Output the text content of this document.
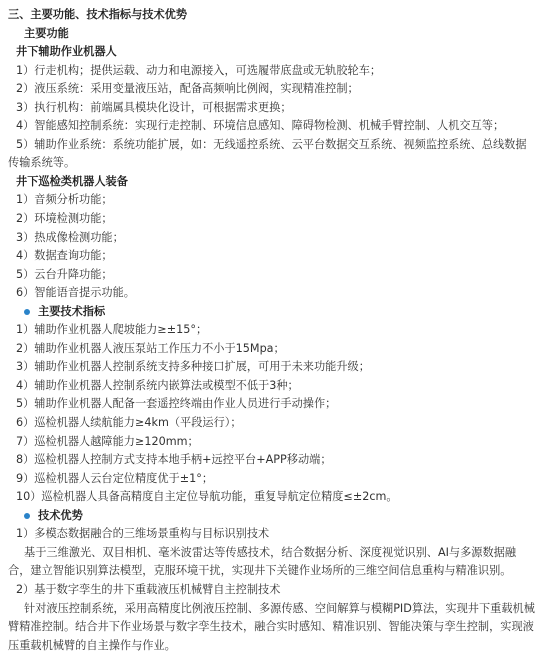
三、主要功能、技术指标与技术优势
主要功能
井下辅助作业机器人
1）行走机构；提供运载、动力和电源接入，可选履带底盘或无轨胶轮车；
2）液压系统：采用变量液压站，配备高频响比例阀，实现精准控制；
3）执行机构：前端属具模块化设计，可根据需求更换；
4）智能感知控制系统：实现行走控制、环境信息感知、障碍物检测、机械手臂控制、人机交互等；
5）辅助作业系统：系统功能扩展，如：无线遥控系统、云平台数据交互系统、视频监控系统、总线数据传输系统等。
井下巡检类机器人装备
1）音频分析功能；
2）环境检测功能；
3）热成像检测功能；
4）数据查询功能；
5）云台升降功能；
6）智能语音提示功能。
主要技术指标
1）辅助作业机器人爬坡能力≥±15°；
2）辅助作业机器人液压泵站工作压力不小于15Mpa；
3）辅助作业机器人控制系统支持多种接口扩展，可用于未来功能升级；
4）辅助作业机器人控制系统内嵌算法或模型不低于3种；
5）辅助作业机器人配备一套遥控终端由作业人员进行手动操作；
6）巡检机器人续航能力≥4km（平段运行）；
7）巡检机器人越障能力≥120mm；
8）巡检机器人控制方式支持本地手柄+远控平台+APP移动端；
9）巡检机器人云台定位精度优于±1°；
10）巡检机器人具备高精度自主定位导航功能，重复导航定位精度≤±2cm。
技术优势
1）多模态数据融合的三维场景重构与目标识别技术
基于三维激光、双目相机、毫米波雷达等传感技术，结合数据分析、深度视觉识别、AI与多源数据融合，建立智能识别算法模型，克服环境干扰，实现井下关键作业场所的三维空间信息重构与精准识别。
2）基于数字孪生的井下重载液压机械臂自主控制技术
针对液压控制系统，采用高精度比例液压控制、多源传感、空间解算与模糊PID算法，实现井下重载机械臂精准控制。结合井下作业场景与数字孪生技术，融合实时感知、精准识别、智能决策与孪生控制，实现液压重载机械臂的自主操作与作业。
